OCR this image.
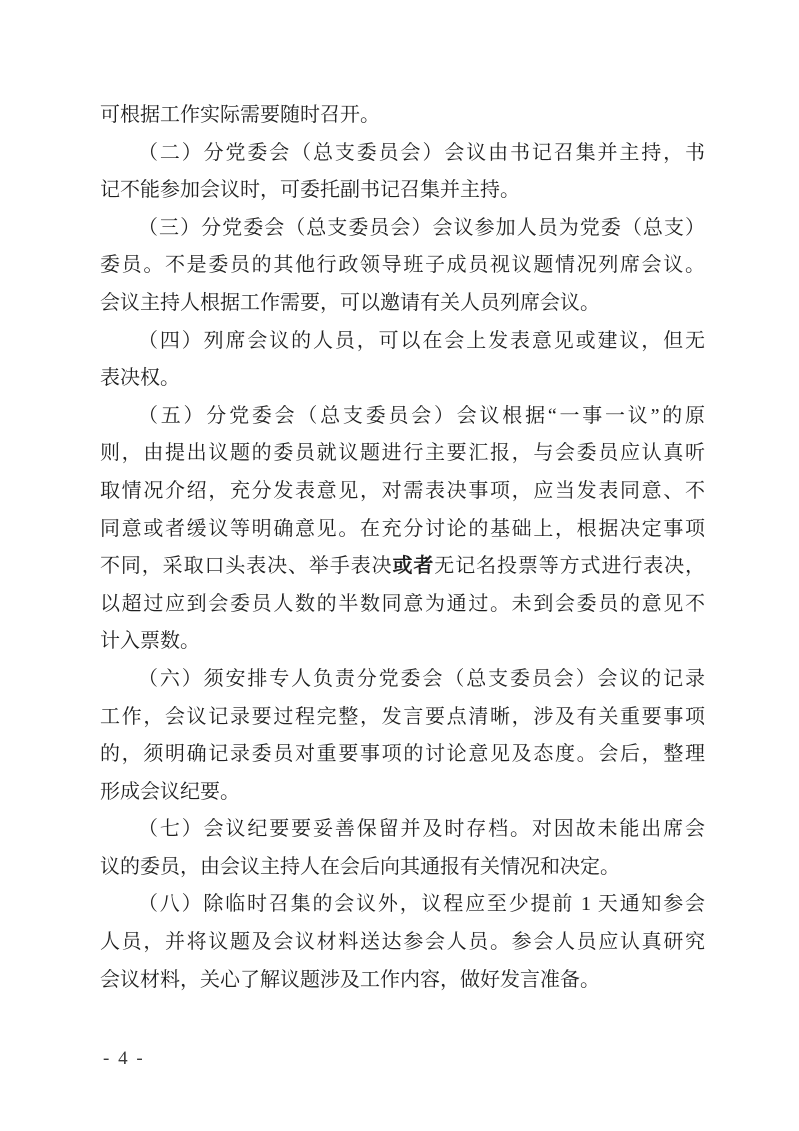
可根据工作实际需要随时召开。
（二）分党委会（总支委员会）会议由书记召集并主持，书
记不能参加会议时，可委托副书记召集并主持。
（三）分党委会（总支委员会）会议参加人员为党委（总支）
委员。不是委员的其他行政领导班子成员视议题情况列席会议。
会议主持人根据工作需要，可以邀请有关人员列席会议。
（四）列席会议的人员，可以在会上发表意见或建议，但无
表决权。
（五）分党委会（总支委员会）会议根据“一事一议”的原
则，由提出议题的委员就议题进行主要汇报，与会委员应认真听
取情况介绍，充分发表意见，对需表决事项，应当发表同意、不
同意或者缓议等明确意见。在充分讨论的基础上，根据决定事项
不同，采取口头表决、举手表决或者无记名投票等方式进行表决，
以超过应到会委员人数的半数同意为通过。未到会委员的意见不
计入票数。
（六）须安排专人负责分党委会（总支委员会）会议的记录
工作，会议记录要过程完整，发言要点清晰，涉及有关重要事项
的，须明确记录委员对重要事项的讨论意见及态度。会后，整理
形成会议纪要。
（七）会议纪要要妥善保留并及时存档。对因故未能出席会
议的委员，由会议主持人在会后向其通报有关情况和决定。
（八）除临时召集的会议外，议程应至少提前 1 天通知参会
人员，并将议题及会议材料送达参会人员。参会人员应认真研究
会议材料，关心了解议题涉及工作内容，做好发言准备。
- 4 -
